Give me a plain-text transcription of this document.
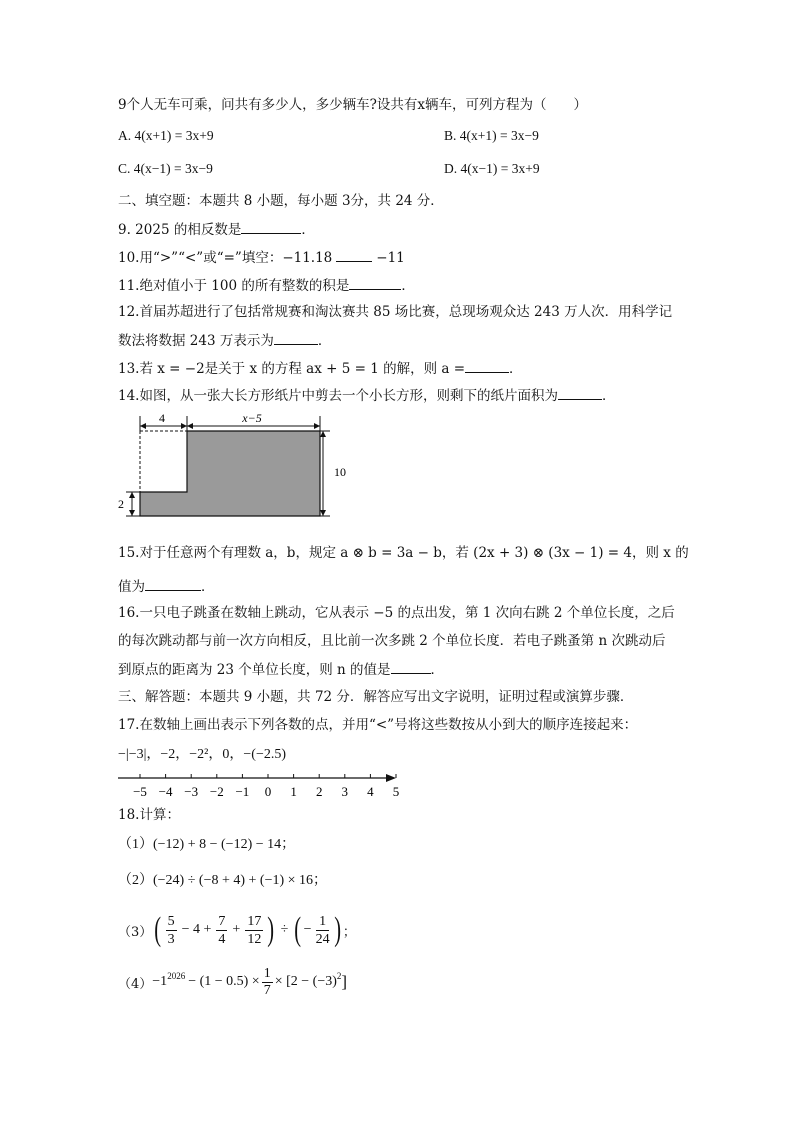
9个人无车可乘，问共有多少人，多少辆车?设共有x辆车，可列方程为（　　）
A. 4(x+1) = 3x+9	B. 4(x+1) = 3x−9
C. 4(x−1) = 3x−9	D. 4(x−1) = 3x+9
二、填空题：本题共 8 小题，每小题 3分，共 24 分．
9. 2025 的相反数是	．
10.用“>”“<”或“=”填空：−11.18	−11
11.绝对值小于 100 的所有整数的积是	．
12.首届苏超进行了包括常规赛和淘汰赛共 85 场比赛，总现场观众达 243 万人次．用科学记
数法将数据 243 万表示为	．
13.若 x = −2是关于 x 的方程 ax + 5 = 1 的解，则 a =	．
14.如图，从一张大长方形纸片中剪去一个小长方形，则剩下的纸片面积为	．
4	x−5
10
2
15.对于任意两个有理数 a，b，规定 a ⊗ b = 3a − b，若 (2x + 3) ⊗ (3x − 1) = 4，则 x 的
值为	．
16.一只电子跳蚤在数轴上跳动，它从表示 −5 的点出发，第 1 次向右跳 2 个单位长度，之后
的每次跳动都与前一次方向相反，且比前一次多跳 2 个单位长度．若电子跳蚤第 n 次跳动后
到原点的距离为 23 个单位长度，则 n 的值是	．
三、解答题：本题共 9 小题，共 72 分．解答应写出文字说明，证明过程或演算步骤．
17.在数轴上画出表示下列各数的点，并用“<”号将这些数按从小到大的顺序连接起来：
−|−3|，−2，−2²，0，−(−2.5)
−5 −4 −3 −2 −1 0 1 2 3 4 5
18.计算：
（1）(−12) + 8 − (−12) − 14；
（2）(−24) ÷ (−8 + 4) + (−1) × 16；
（3） ( $\frac{5}{3} - 4 + \frac{7}{4} + \frac{17}{12}$ ) ÷ ( − $\frac{1}{24}$ ) ；
$(4) -1^{2026} - (1 - 0.5) \times \frac{1}{7} \times [2 - (-3)^2$ ]
